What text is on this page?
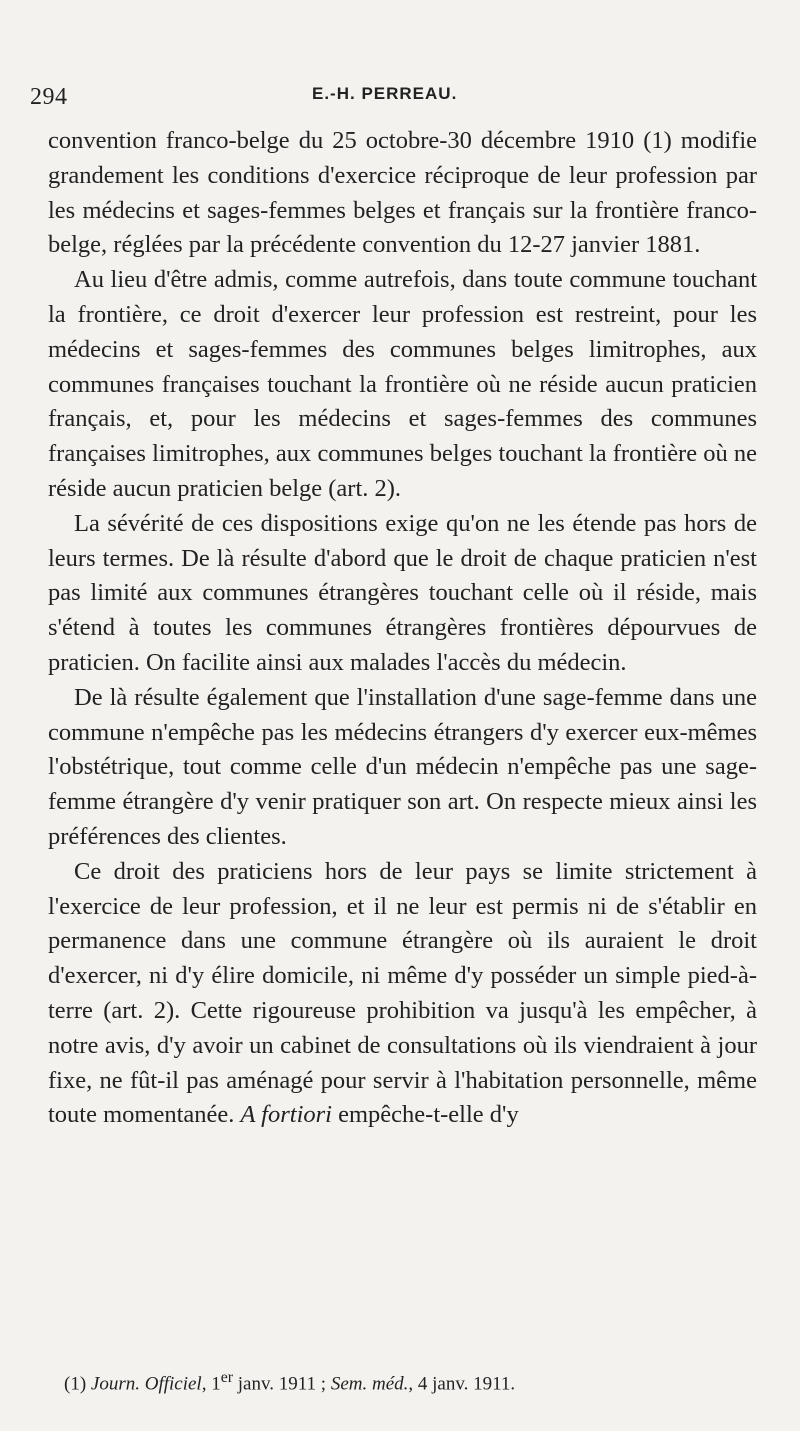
294	E.-H. PERREAU.

convention franco-belge du 25 octobre-30 décembre 1910 (1) modifie grandement les conditions d'exercice réciproque de leur profession par les médecins et sages-femmes belges et français sur la frontière franco-belge, réglées par la précédente convention du 12-27 janvier 1881.

Au lieu d'être admis, comme autrefois, dans toute commune touchant la frontière, ce droit d'exercer leur profession est restreint, pour les médecins et sages-femmes des communes belges limitrophes, aux communes françaises touchant la frontière où ne réside aucun praticien français, et, pour les médecins et sages-femmes des communes françaises limitrophes, aux communes belges touchant la frontière où ne réside aucun praticien belge (art. 2).

La sévérité de ces dispositions exige qu'on ne les étende pas hors de leurs termes. De là résulte d'abord que le droit de chaque praticien n'est pas limité aux communes étrangères touchant celle où il réside, mais s'étend à toutes les communes étrangères frontières dépourvues de praticien. On facilite ainsi aux malades l'accès du médecin.

De là résulte également que l'installation d'une sage-femme dans une commune n'empêche pas les médecins étrangers d'y exercer eux-mêmes l'obstétrique, tout comme celle d'un médecin n'empêche pas une sage-femme étrangère d'y venir pratiquer son art. On respecte mieux ainsi les préférences des clientes.

Ce droit des praticiens hors de leur pays se limite strictement à l'exercice de leur profession, et il ne leur est permis ni de s'établir en permanence dans une commune étrangère où ils auraient le droit d'exercer, ni d'y élire domicile, ni même d'y posséder un simple pied-à-terre (art. 2). Cette rigoureuse prohibition va jusqu'à les empêcher, à notre avis, d'y avoir un cabinet de consultations où ils viendraient à jour fixe, ne fût-il pas aménagé pour servir à l'habitation personnelle, même toute momentanée. A fortiori empêche-t-elle d'y

(1) Journ. Officiel, 1er janv. 1911 ; Sem. méd., 4 janv. 1911.
